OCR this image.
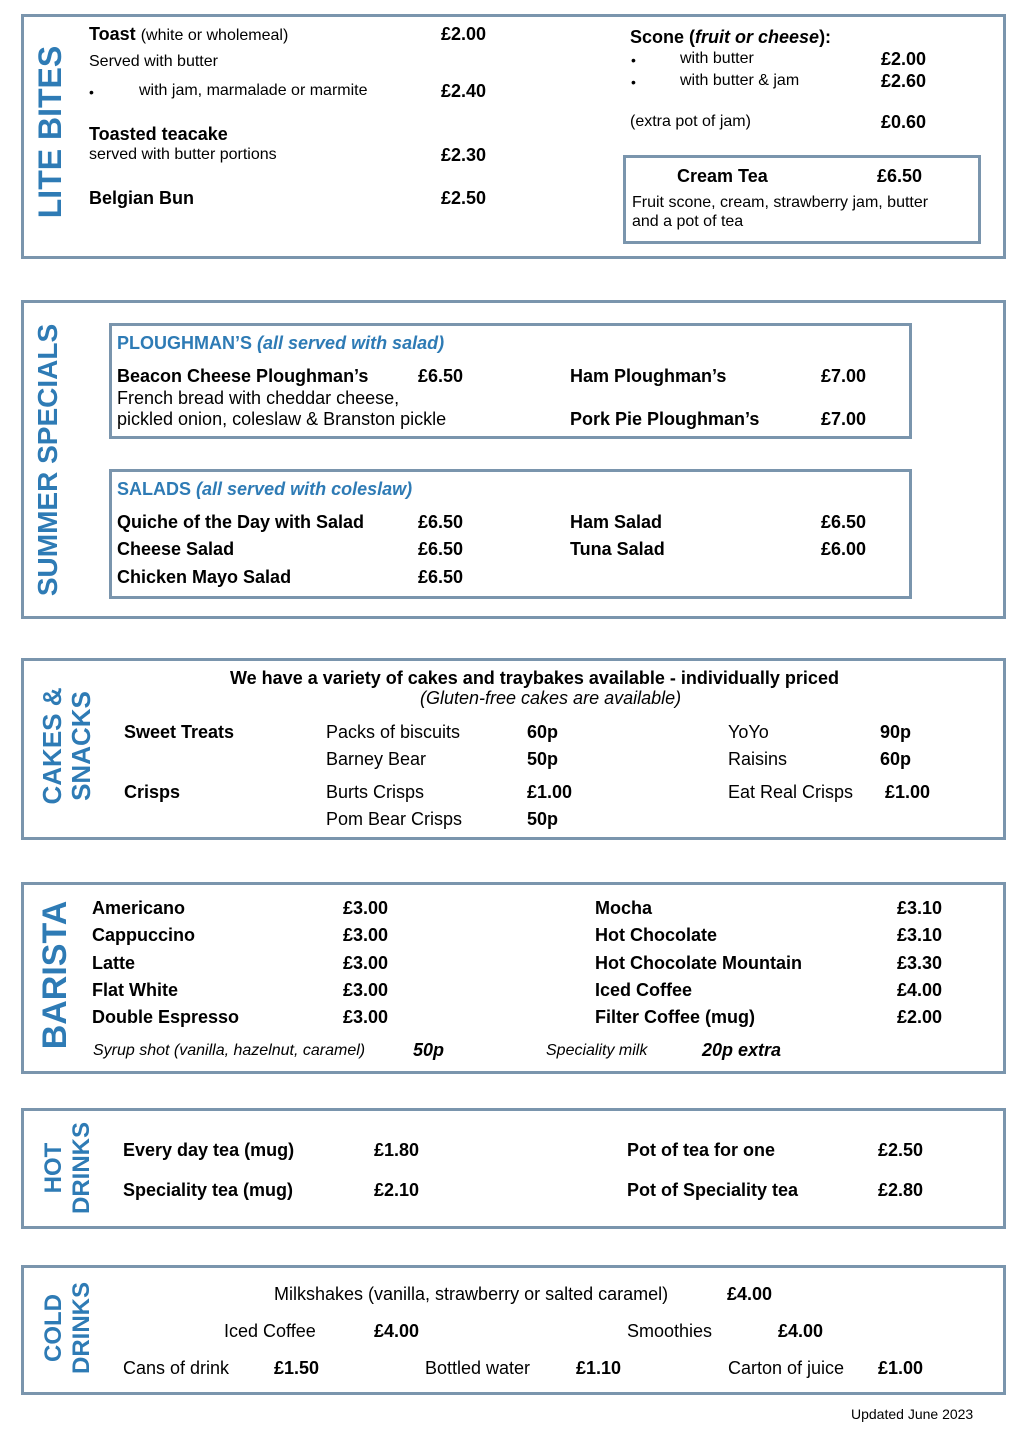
LITE BITES
Toast (white or wholemeal)	£2.00
Served with butter
•	with jam, marmalade or marmite	£2.40
Toasted teacake
served with butter portions	£2.30
Belgian Bun	£2.50
Scone (fruit or cheese):
•	with butter	£2.00
•	with butter & jam	£2.60
(extra pot of jam)	£0.60
Cream Tea	£6.50
Fruit scone, cream, strawberry jam, butter
and a pot of tea
SUMMER SPECIALS	PLOUGHMAN’S (all served with salad)
Beacon Cheese Ploughman’s	£6.50
French bread with cheddar cheese,
pickled onion, coleslaw & Branston pickle
Ham Ploughman’s	£7.00
Pork Pie Ploughman’s	£7.00
SALADS (all served with coleslaw)
Quiche of the Day with Salad	£6.50
Cheese Salad	£6.50
Chicken Mayo Salad	£6.50
Ham Salad	£6.50
Tuna Salad	£6.00
CAKES & SNACKS
We have a variety of cakes and traybakes available - individually priced
(Gluten-free cakes are available)
Sweet Treats	Packs of biscuits	60p
Barney Bear	50p
YoYo	90p
Raisins	60p
Crisps	Burts Crisps	£1.00
Pom Bear Crisps	50p
Eat Real Crisps £1.00
BARISTA Americano	£3.00
Cappuccino	£3.00
Latte	£3.00
Flat White	£3.00
Double Espresso	£3.00
Mocha	£3.10
Hot Chocolate	£3.10
Hot Chocolate Mountain	£3.30
Iced Coffee	£4.00
Filter Coffee (mug)	£2.00
Syrup shot (vanilla, hazelnut, caramel)	50p	Speciality milk	20p extra
HOT DRINKS Every day tea (mug)	£1.80
Speciality tea (mug)	£2.10
Pot of tea for one	£2.50
Pot of Speciality tea	£2.80
COLD DRINKS	Milkshakes (vanilla, strawberry or salted caramel)	£4.00
Iced Coffee	£4.00	Smoothies	£4.00
Cans of drink £1.50	Bottled water	£1.10	Carton of juice £1.00
Updated June 2023
